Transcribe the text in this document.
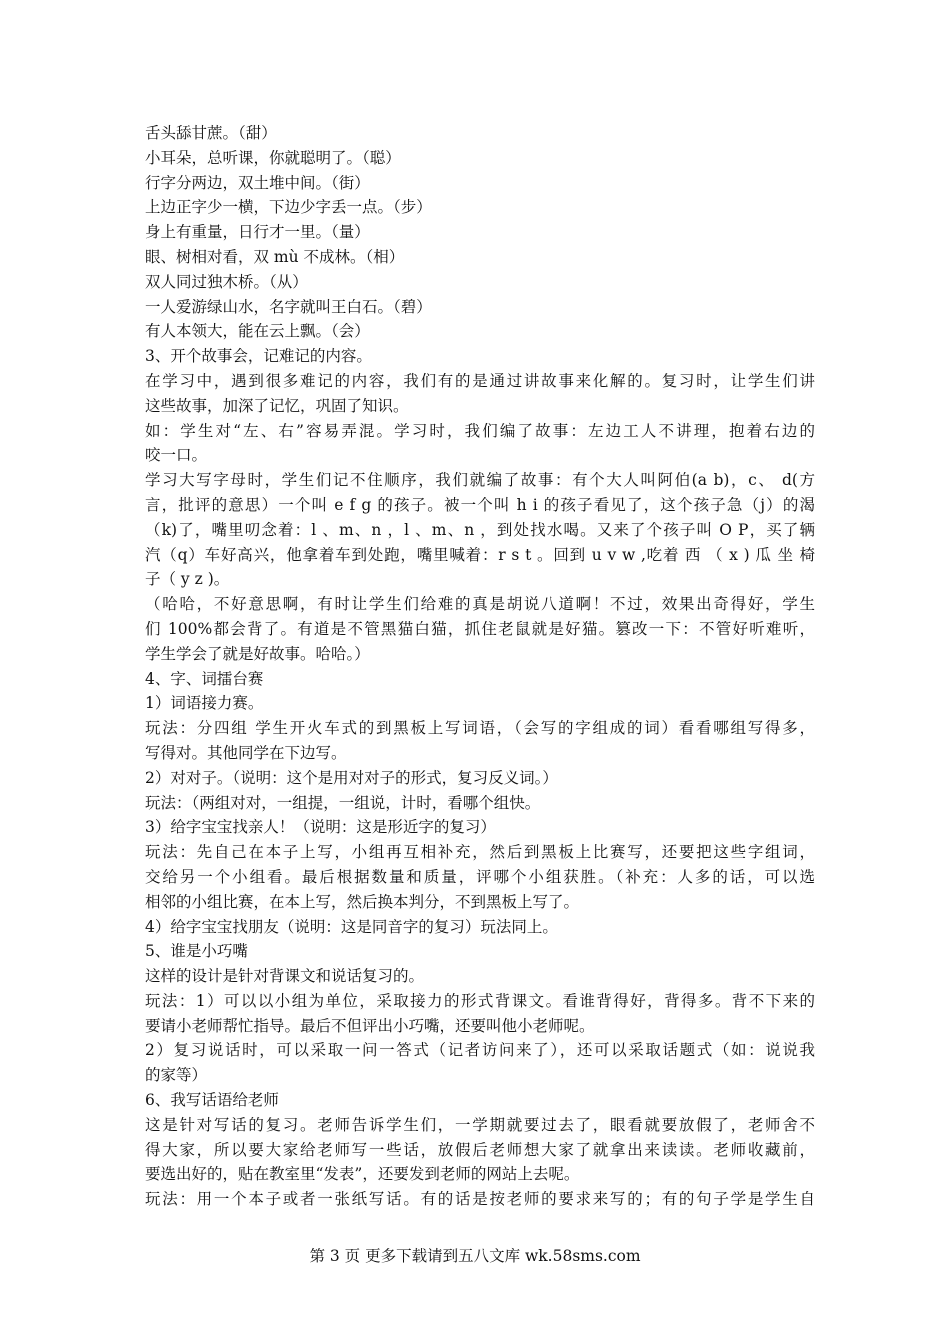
舌头舔甘蔗。（甜）
小耳朵，总听课，你就聪明了。（聪）
行字分两边，双土堆中间。（街）
上边正字少一横，下边少字丢一点。（步）
身上有重量，日行才一里。（量）
眼、树相对看，双 mù 不成林。（相）
双人同过独木桥。（从）
一人爱游绿山水，名字就叫王白石。（碧）
有人本领大，能在云上飘。（会）
3、开个故事会，记难记的内容。
在学习中，遇到很多难记的内容，我们有的是通过讲故事来化解的。复习时，让学生们讲
这些故事，加深了记忆，巩固了知识。
如：学生对“左、右”容易弄混。学习时，我们编了故事：左边工人不讲理，抱着右边的
咬一口。
学习大写字母时，学生们记不住顺序，我们就编了故事：有个大人叫阿伯(a b)，c、 d(方
言，批评的意思）一个叫 e f g 的孩子。被一个叫 h i 的孩子看见了，这个孩子急（j）的渴
（k)了，嘴里叨念着：l 、m、n ，l 、m、n ，到处找水喝。又来了个孩子叫 O P，买了辆
汽（q）车好高兴，他拿着车到处跑，嘴里喊着：r s t 。回到 u v w ,吃着 西 （ x ) 瓜 坐 椅
子（ y z )。
（哈哈，不好意思啊，有时让学生们给难的真是胡说八道啊！不过，效果出奇得好，学生
们 100%都会背了。有道是不管黑猫白猫，抓住老鼠就是好猫。篡改一下：不管好听难听，
学生学会了就是好故事。哈哈。）
4、字、词擂台赛
1）词语接力赛。
玩法：分四组 学生开火车式的到黑板上写词语，（会写的字组成的词）看看哪组写得多，
写得对。其他同学在下边写。
2）对对子。（说明：这个是用对对子的形式，复习反义词。）
玩法：（两组对对，一组提，一组说，计时，看哪个组快。
3）给字宝宝找亲人！（说明：这是形近字的复习）
玩法：先自己在本子上写，小组再互相补充，然后到黑板上比赛写，还要把这些字组词，
交给另一个小组看。最后根据数量和质量，评哪个小组获胜。（补充：人多的话，可以选
相邻的小组比赛，在本上写，然后换本判分，不到黑板上写了。
4）给字宝宝找朋友（说明：这是同音字的复习）玩法同上。
5、谁是小巧嘴
这样的设计是针对背课文和说话复习的。
玩法：1）可以以小组为单位，采取接力的形式背课文。看谁背得好，背得多。背不下来的
要请小老师帮忙指导。最后不但评出小巧嘴，还要叫他小老师呢。
2）复习说话时，可以采取一问一答式（记者访问来了），还可以采取话题式（如：说说我
的家等）
6、我写话语给老师
这是针对写话的复习。老师告诉学生们，一学期就要过去了，眼看就要放假了，老师舍不
得大家，所以要大家给老师写一些话，放假后老师想大家了就拿出来读读。老师收藏前，
要选出好的，贴在教室里“发表”，还要发到老师的网站上去呢。
玩法：用一个本子或者一张纸写话。有的话是按老师的要求来写的；有的句子学是学生自
第 3 页 更多下载请到五八文库 wk.58sms.com
